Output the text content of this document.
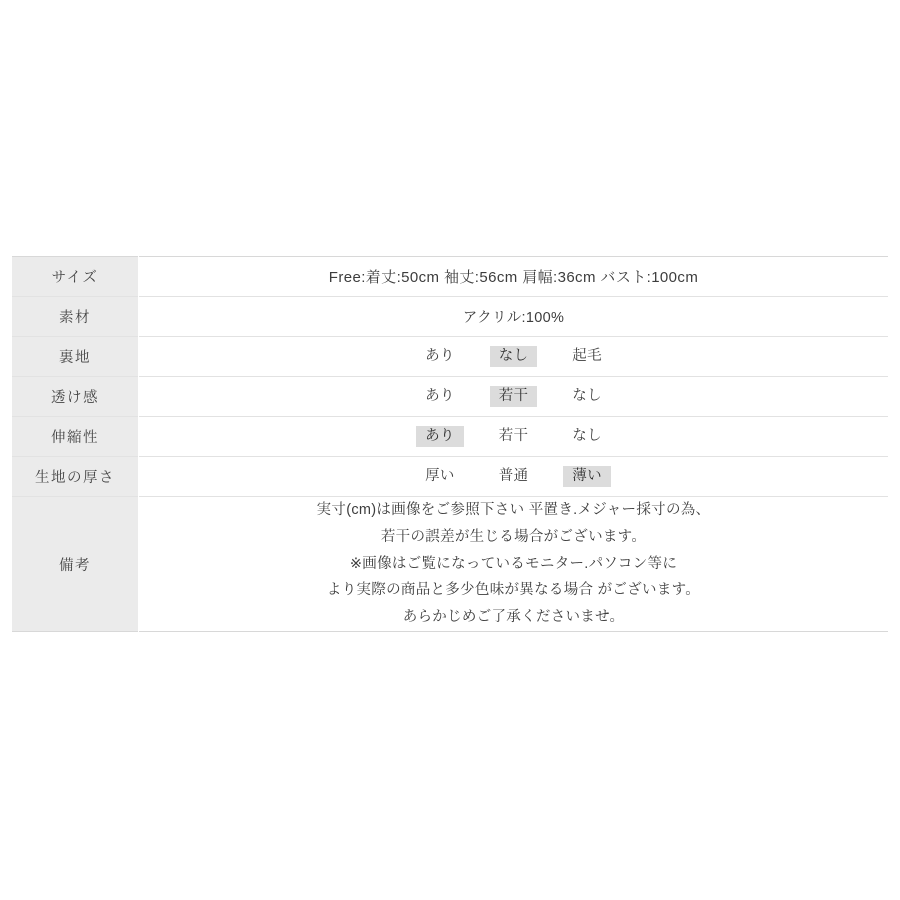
サイズ	Free:着丈:50cm 袖丈:56cm 肩幅:36cm バスト:100cm
素材	アクリル:100%
裏地	あり なし 起毛

透け感	あり 若干 なし

伸縮性	あり 若干 なし

生地の厚さ	厚い 普通 薄い

備考	実寸(cm)は画像をご参照下さい 平置き.メジャー採寸の為、
若干の誤差が生じる場合がございます。
※画像はご覧になっているモニター.パソコン等に
より実際の商品と多少色味が異なる場合 がございます。
あらかじめご了承くださいませ。
